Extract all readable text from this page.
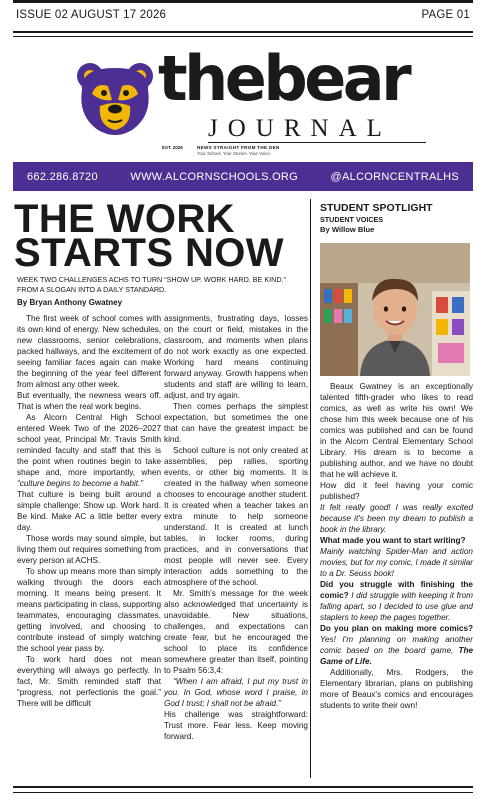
ISSUE 02 AUGUST 17 2026	PAGE 01
thebear
JOURNAL
EST. 2026	NEWS STRAIGHT FROM THE DEN
Your School. Your Stories. Your Voice.
662.286.8720	WWW.ALCORNSCHOOLS.ORG	@ALCORNCENTRALHS
THE WORK
STARTS NOW
WEEK TWO CHALLENGES ACHS TO TURN “SHOW UP. WORK HARD. BE KIND.” FROM A SLOGAN INTO A DAILY STANDARD.
By Bryan Anthony Gwatney

The first week of school comes with its own kind of energy. New schedules, new classrooms, senior celebrations, packed hallways, and the excitement of seeing familiar faces again can make the beginning of the year feel different from almost any other week.

But eventually, the newness wears off. That is when the real work begins.

As Alcorn Central High School entered Week Two of the 2026–2027 school year, Principal Mr. Travis Smith reminded faculty and staff that this is the point when routines begin to take shape and, more importantly, when “culture begins to become a habit.”

That culture is being built around a simple challenge: Show up. Work hard. Be kind. Make AC a little better every day.

Those words may sound simple, but living them out requires something from every person at ACHS.

To show up means more than simply walking through the doors each morning. It means being present. It means participating in class, supporting teammates, encouraging classmates, getting involved, and choosing to contribute instead of simply watching the school year pass by.

To work hard does not mean everything will always go perfectly. In fact, Mr. Smith reminded staff that “progress, not perfectionis the goal.” There will be difficult

assignments, frustrating days, losses on the court or field, mistakes in the classroom, and moments when plans do not work exactly as one expected. Working hard means continuing forward anyway. Growth happens when students and staff are willing to learn, adjust, and try again.

Then comes perhaps the simplest expectation, but sometimes the one that can have the greatest impact: be kind.

School culture is not only created at assemblies, pep rallies, sporting events, or other big moments. It is created in the hallway when someone chooses to encourage another student. It is created when a teacher takes an extra minute to help someone understand. It is created at lunch tables, in locker rooms, during practices, and in conversations that most people will never see. Every interaction adds something to the atmosphere of the school.

Mr. Smith’s message for the week also acknowledged that uncertainty is unavoidable. New situations, challenges, and expectations can create fear, but he encouraged the school to place its confidence somewhere greater than itself, pointing to Psalm 56:3,4:

“When I am afraid, I put my trust in you. In God, whose word I praise, in God I trust; I shall not be afraid.”

His challenge was straightforward: Trust more. Fear less. Keep moving forward.

STUDENT SPOTLIGHT
STUDENT VOICES
By Willow Blue

Beaux Gwatney is an exceptionally talented fifth-grader who likes to read comics, as well as write his own! We chose him this week because one of his comics was published and can be found in the Alcorn Central Elementary School Library. His dream is to become a publishing author, and we have no doubt that he will achieve it.

How did it feel having your comic published?

It felt really good! I was really excited because it's been my dream to publish a book in the library.

What made you want to start writing?

Mainly watching Spider-Man and action movies, but for my comic, I made it similar to a Dr. Seuss book!

Did you struggle with finishing the comic? I did struggle with keeping it from falling apart, so I decided to use glue and staplers to keep the pages together.

Do you plan on making more comics? Yes! I'm planning on making another comic based on the board game, The Game of Life.

Additionally, Mrs. Rodgers, the Elementary librarian, plans on publishing more of Beaux's comics and encourages students to write their own!
